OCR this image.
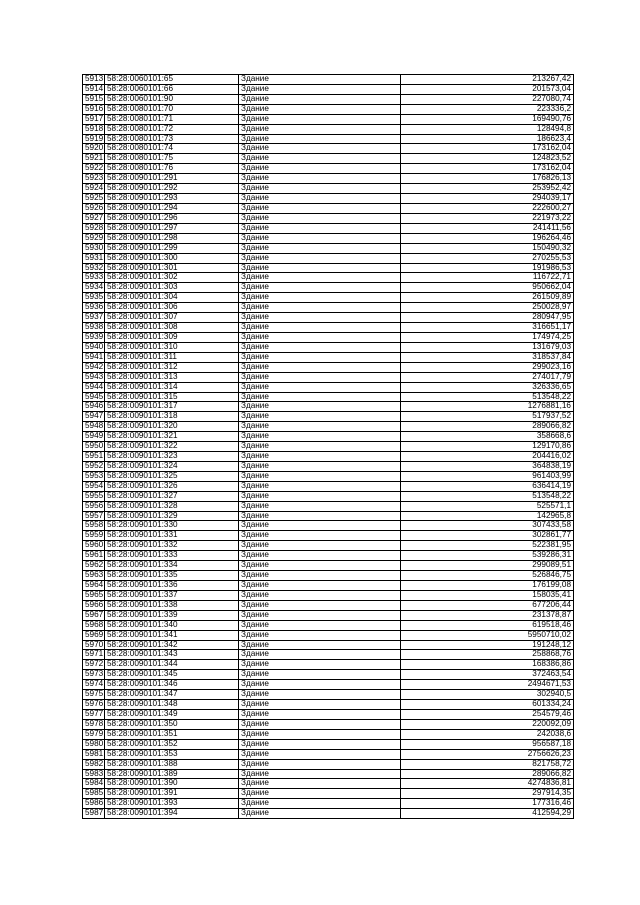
5913	58:28:0060101:65	Здание	213267,42
5914	58:28:0060101:66	Здание	201573,04
5915	58:28:0060101:90	Здание	227080,74
5916	58:28:0080101:70	Здание	223336,2
5917	58:28:0080101:71	Здание	169490,76
5918	58:28:0080101:72	Здание	128494,8
5919	58:28:0080101:73	Здание	186623,4
5920	58:28:0080101:74	Здание	173162,04
5921	58:28:0080101:75	Здание	124823,52
5922	58:28:0080101:76	Здание	173162,04
5923	58:28:0090101:291	Здание	176826,13
5924	58:28:0090101:292	Здание	253952,42
5925	58:28:0090101:293	Здание	294039,17
5926	58:28:0090101:294	Здание	222600,27
5927	58:28:0090101:296	Здание	221973,22
5928	58:28:0090101:297	Здание	241411,56
5929	58:28:0090101:298	Здание	196264,46
5930	58:28:0090101:299	Здание	150490,32
5931	58:28:0090101:300	Здание	270255,53
5932	58:28:0090101:301	Здание	191986,53
5933	58:28:0090101:302	Здание	116722,71
5934	58:28:0090101:303	Здание	950662,04
5935	58:28:0090101:304	Здание	261509,89
5936	58:28:0090101:306	Здание	250028,97
5937	58:28:0090101:307	Здание	280947,95
5938	58:28:0090101:308	Здание	316651,17
5939	58:28:0090101:309	Здание	174974,25
5940	58:28:0090101:310	Здание	131679,03
5941	58:28:0090101:311	Здание	318537,84
5942	58:28:0090101:312	Здание	299023,16
5943	58:28:0090101:313	Здание	274017,79
5944	58:28:0090101:314	Здание	326336,65
5945	58:28:0090101:315	Здание	513548,22
5946	58:28:0090101:317	Здание	1276881,16
5947	58:28:0090101:318	Здание	517937,52
5948	58:28:0090101:320	Здание	289066,82
5949	58:28:0090101:321	Здание	358668,6
5950	58:28:0090101:322	Здание	129170,86
5951	58:28:0090101:323	Здание	204416,02
5952	58:28:0090101:324	Здание	364838,19
5953	58:28:0090101:325	Здание	961403,99
5954	58:28:0090101:326	Здание	636414,19
5955	58:28:0090101:327	Здание	513548,22
5956	58:28:0090101:328	Здание	525571,1
5957	58:28:0090101:329	Здание	142965,8
5958	58:28:0090101:330	Здание	307433,58
5959	58:28:0090101:331	Здание	302861,77
5960	58:28:0090101:332	Здание	522381,95
5961	58:28:0090101:333	Здание	539286,31
5962	58:28:0090101:334	Здание	299089,51
5963	58:28:0090101:335	Здание	526846,75
5964	58:28:0090101:336	Здание	176199,08
5965	58:28:0090101:337	Здание	158035,41
5966	58:28:0090101:338	Здание	677206,44
5967	58:28:0090101:339	Здание	231378,87
5968	58:28:0090101:340	Здание	619518,46
5969	58:28:0090101:341	Здание	5950710,02
5970	58:28:0090101:342	Здание	191248,12
5971	58:28:0090101:343	Здание	258868,76
5972	58:28:0090101:344	Здание	168386,86
5973	58:28:0090101:345	Здание	372463,54
5974	58:28:0090101:346	Здание	2494671,53
5975	58:28:0090101:347	Здание	302940,5
5976	58:28:0090101:348	Здание	601334,24
5977	58:28:0090101:349	Здание	254579,46
5978	58:28:0090101:350	Здание	220092,09
5979	58:28:0090101:351	Здание	242038,6
5980	58:28:0090101:352	Здание	956587,18
5981	58:28:0090101:353	Здание	2756626,23
5982	58:28:0090101:388	Здание	821758,72
5983	58:28:0090101:389	Здание	289066,82
5984	58:28:0090101:390	Здание	4274836,81
5985	58:28:0090101:391	Здание	297914,35
5986	58:28:0090101:393	Здание	177316,46
5987	58:28:0090101:394	Здание	412594,29
